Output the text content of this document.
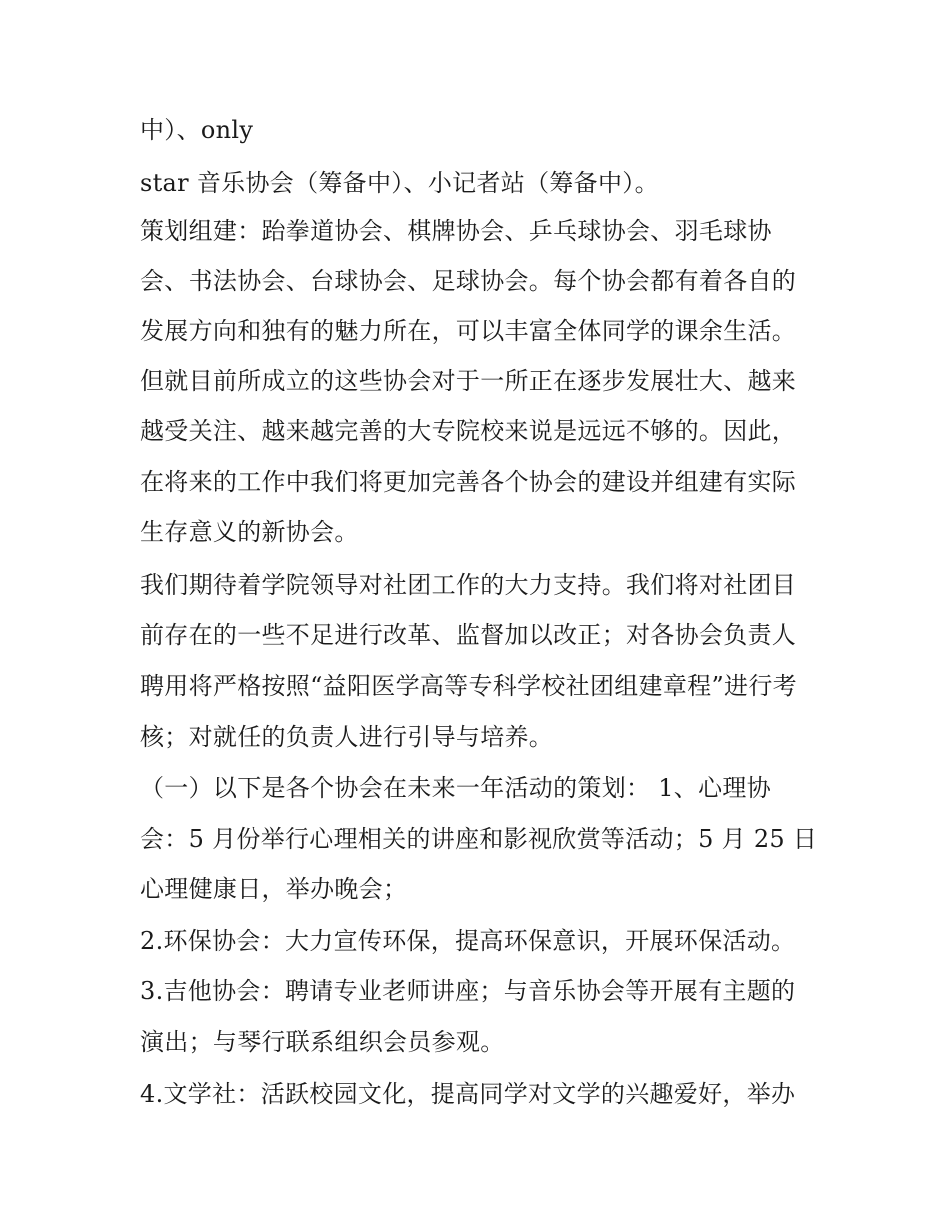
中）、only
star 音乐协会（筹备中）、小记者站（筹备中）。
策划组建：跆拳道协会、棋牌协会、乒乓球协会、羽毛球协
会、书法协会、台球协会、足球协会。每个协会都有着各自的
发展方向和独有的魅力所在，可以丰富全体同学的课余生活。
但就目前所成立的这些协会对于一所正在逐步发展壮大、越来
越受关注、越来越完善的大专院校来说是远远不够的。因此，
在将来的工作中我们将更加完善各个协会的建设并组建有实际
生存意义的新协会。
我们期待着学院领导对社团工作的大力支持。我们将对社团目
前存在的一些不足进行改革、监督加以改正；对各协会负责人
聘用将严格按照“益阳医学高等专科学校社团组建章程”进行考
核；对就任的负责人进行引导与培养。
（一）以下是各个协会在未来一年活动的策划： 1、心理协
会：5 月份举行心理相关的讲座和影视欣赏等活动；5 月 25 日
心理健康日，举办晚会；
2.环保协会：大力宣传环保，提高环保意识，开展环保活动。
3.吉他协会：聘请专业老师讲座；与音乐协会等开展有主题的
演出；与琴行联系组织会员参观。
4.文学社：活跃校园文化，提高同学对文学的兴趣爱好，举办
